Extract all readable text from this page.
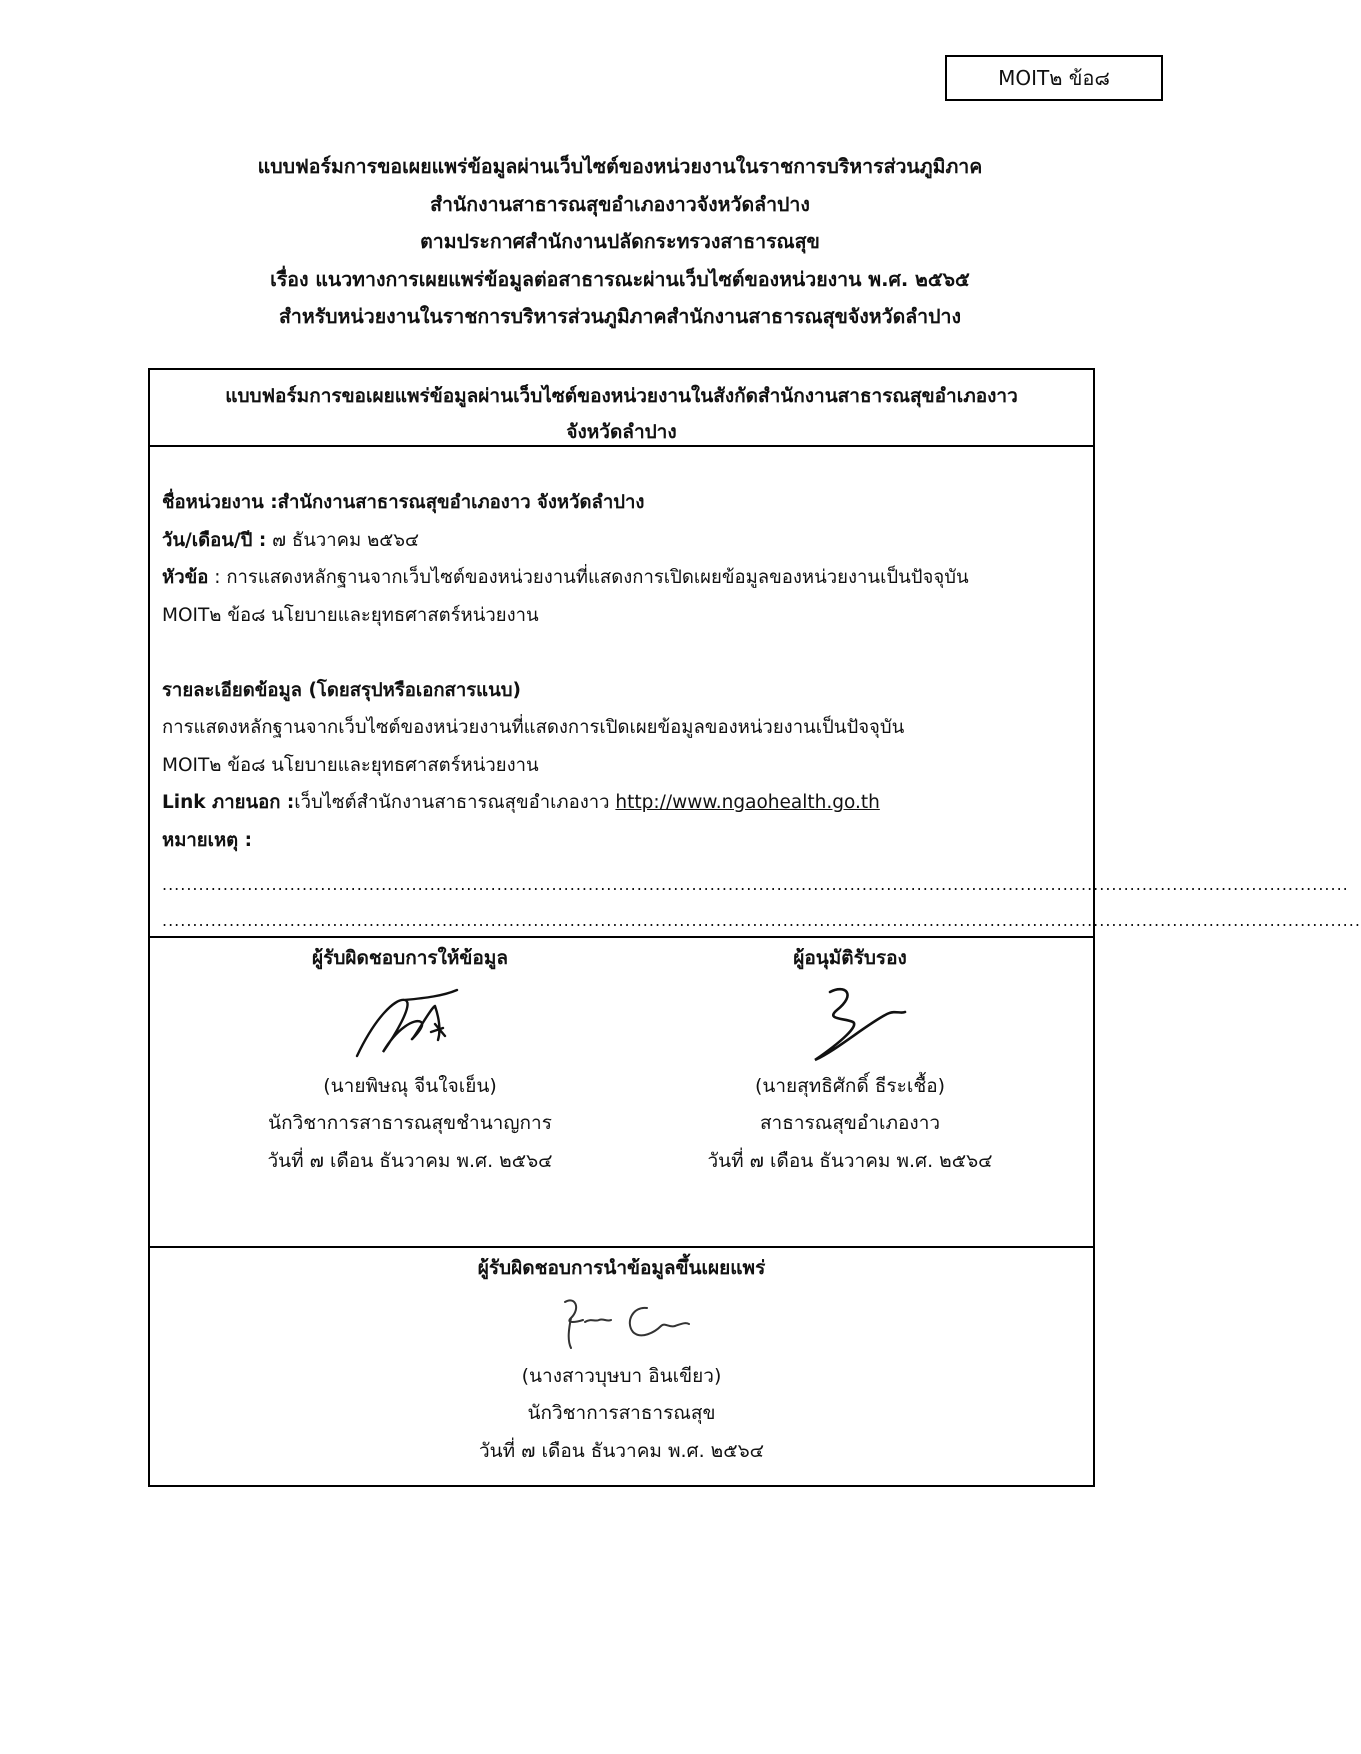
MOIT๒ ข้อ๘
แบบฟอร์มการขอเผยแพร่ข้อมูลผ่านเว็บไซต์ของหน่วยงานในราชการบริหารส่วนภูมิภาค
สำนักงานสาธารณสุขอำเภองาวจังหวัดลำปาง
ตามประกาศสำนักงานปลัดกระทรวงสาธารณสุข
เรื่อง แนวทางการเผยแพร่ข้อมูลต่อสาธารณะผ่านเว็บไซต์ของหน่วยงาน พ.ศ. ๒๕๖๕
สำหรับหน่วยงานในราชการบริหารส่วนภูมิภาคสำนักงานสาธารณสุขจังหวัดลำปาง
แบบฟอร์มการขอเผยแพร่ข้อมูลผ่านเว็บไซต์ของหน่วยงานในสังกัดสำนักงานสาธารณสุขอำเภองาว
จังหวัดลำปาง
ชื่อหน่วยงาน :สำนักงานสาธารณสุขอำเภองาว จังหวัดลำปาง
วัน/เดือน/ปี : ๗ ธันวาคม ๒๕๖๔
หัวข้อ : การแสดงหลักฐานจากเว็บไซต์ของหน่วยงานที่แสดงการเปิดเผยข้อมูลของหน่วยงานเป็นปัจจุบัน
MOIT๒ ข้อ๘ นโยบายและยุทธศาสตร์หน่วยงาน

รายละเอียดข้อมูล (โดยสรุปหรือเอกสารแนบ)
การแสดงหลักฐานจากเว็บไซต์ของหน่วยงานที่แสดงการเปิดเผยข้อมูลของหน่วยงานเป็นปัจจุบัน
MOIT๒ ข้อ๘ นโยบายและยุทธศาสตร์หน่วยงาน
Link ภายนอก :เว็บไซต์สำนักงานสาธารณสุขอำเภองาว http://www.ngaohealth.go.th
หมายเหตุ :
...................................................................................................................................................................................................
.....................................................................................................................................................................................................
ผู้รับผิดชอบการให้ข้อมูล
(นายพิษณุ จีนใจเย็น)
นักวิชาการสาธารณสุขชำนาญการ
วันที่ ๗ เดือน ธันวาคม พ.ศ. ๒๕๖๔
ผู้อนุมัติรับรอง
(นายสุทธิศักดิ์ ธีระเชื้อ)
สาธารณสุขอำเภองาว
วันที่ ๗ เดือน ธันวาคม พ.ศ. ๒๕๖๔
ผู้รับผิดชอบการนำข้อมูลขึ้นเผยแพร่
(นางสาวบุษบา อินเขียว)
นักวิชาการสาธารณสุข
วันที่ ๗ เดือน ธันวาคม พ.ศ. ๒๕๖๔
